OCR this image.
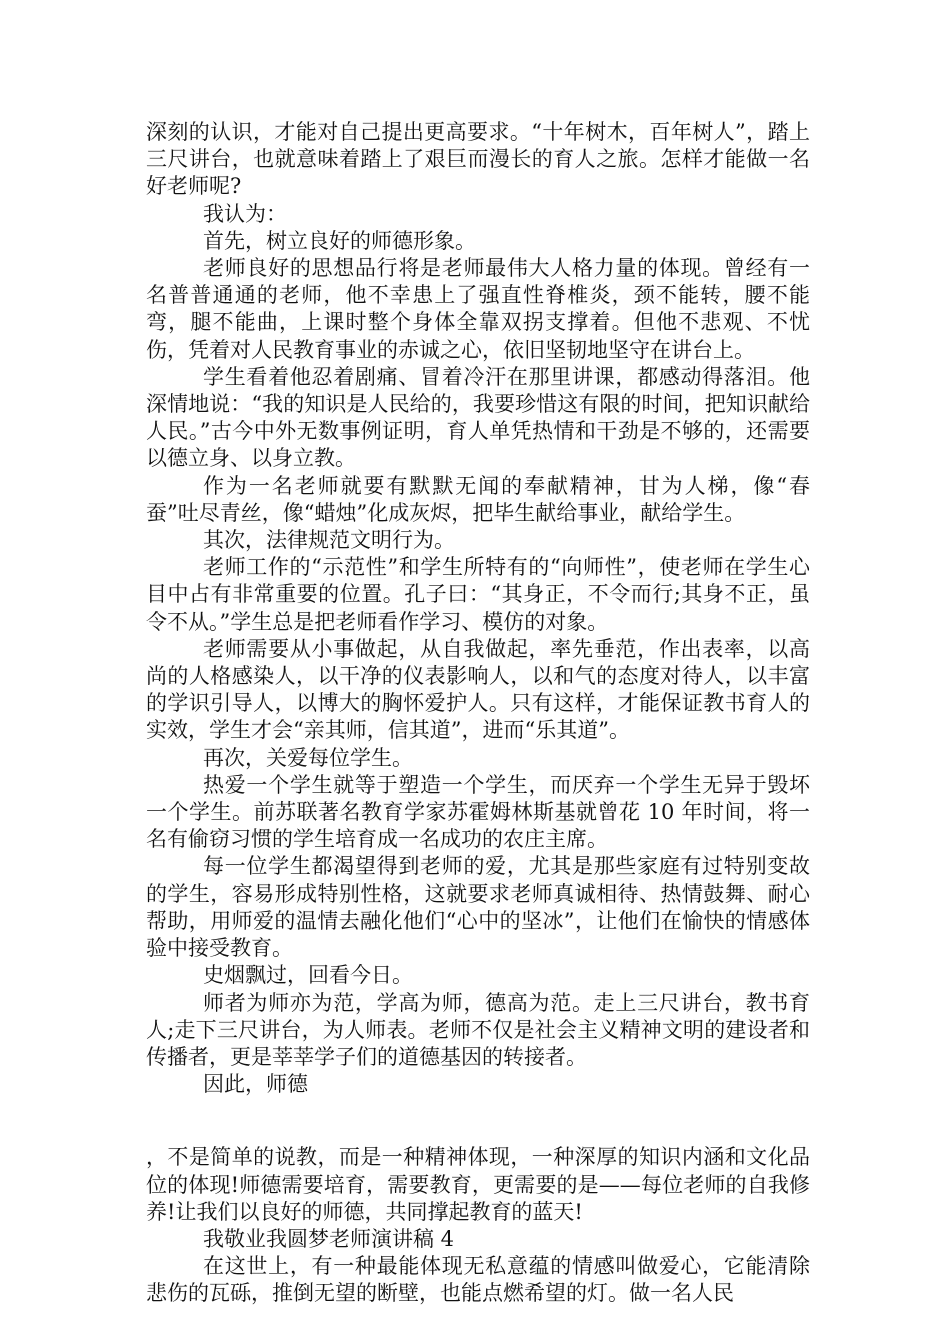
深刻的认识，才能对自己提出更高要求。“十年树木，百年树人”，踏上三尺讲台，也就意味着踏上了艰巨而漫长的育人之旅。怎样才能做一名好老师呢?

我认为：

首先，树立良好的师德形象。

老师良好的思想品行将是老师最伟大人格力量的体现。曾经有一名普普通通的老师，他不幸患上了强直性脊椎炎，颈不能转，腰不能弯，腿不能曲，上课时整个身体全靠双拐支撑着。但他不悲观、不忧伤，凭着对人民教育事业的赤诚之心，依旧坚韧地坚守在讲台上。

学生看着他忍着剧痛、冒着冷汗在那里讲课，都感动得落泪。他深情地说：“我的知识是人民给的，我要珍惜这有限的时间，把知识献给人民。”古今中外无数事例证明，育人单凭热情和干劲是不够的，还需要以德立身、以身立教。

作为一名老师就要有默默无闻的奉献精神，甘为人梯，像“春蚕”吐尽青丝，像“蜡烛”化成灰烬，把毕生献给事业，献给学生。

其次，法律规范文明行为。

老师工作的“示范性”和学生所特有的“向师性”，使老师在学生心目中占有非常重要的位置。孔子曰：“其身正，不令而行;其身不正，虽令不从。”学生总是把老师看作学习、模仿的对象。

老师需要从小事做起，从自我做起，率先垂范，作出表率，以高尚的人格感染人，以干净的仪表影响人，以和气的态度对待人，以丰富的学识引导人，以博大的胸怀爱护人。只有这样，才能保证教书育人的实效，学生才会“亲其师，信其道”，进而“乐其道”。

再次，关爱每位学生。

热爱一个学生就等于塑造一个学生，而厌弃一个学生无异于毁坏一个学生。前苏联著名教育学家苏霍姆林斯基就曾花 10 年时间，将一名有偷窃习惯的学生培育成一名成功的农庄主席。

每一位学生都渴望得到老师的爱，尤其是那些家庭有过特别变故的学生，容易形成特别性格，这就要求老师真诚相待、热情鼓舞、耐心帮助，用师爱的温情去融化他们“心中的坚冰”，让他们在愉快的情感体验中接受教育。

史烟飘过，回看今日。

师者为师亦为范，学高为师，德高为范。走上三尺讲台，教书育人;走下三尺讲台，为人师表。老师不仅是社会主义精神文明的建设者和传播者，更是莘莘学子们的道德基因的转接者。

因此，师德

，不是简单的说教，而是一种精神体现，一种深厚的知识内涵和文化品位的体现!师德需要培育，需要教育，更需要的是——每位老师的自我修养!让我们以良好的师德，共同撑起教育的蓝天!

我敬业我圆梦老师演讲稿 4

在这世上，有一种最能体现无私意蕴的情感叫做爱心，它能清除悲伤的瓦砾，推倒无望的断壁，也能点燃希望的灯。做一名人民
